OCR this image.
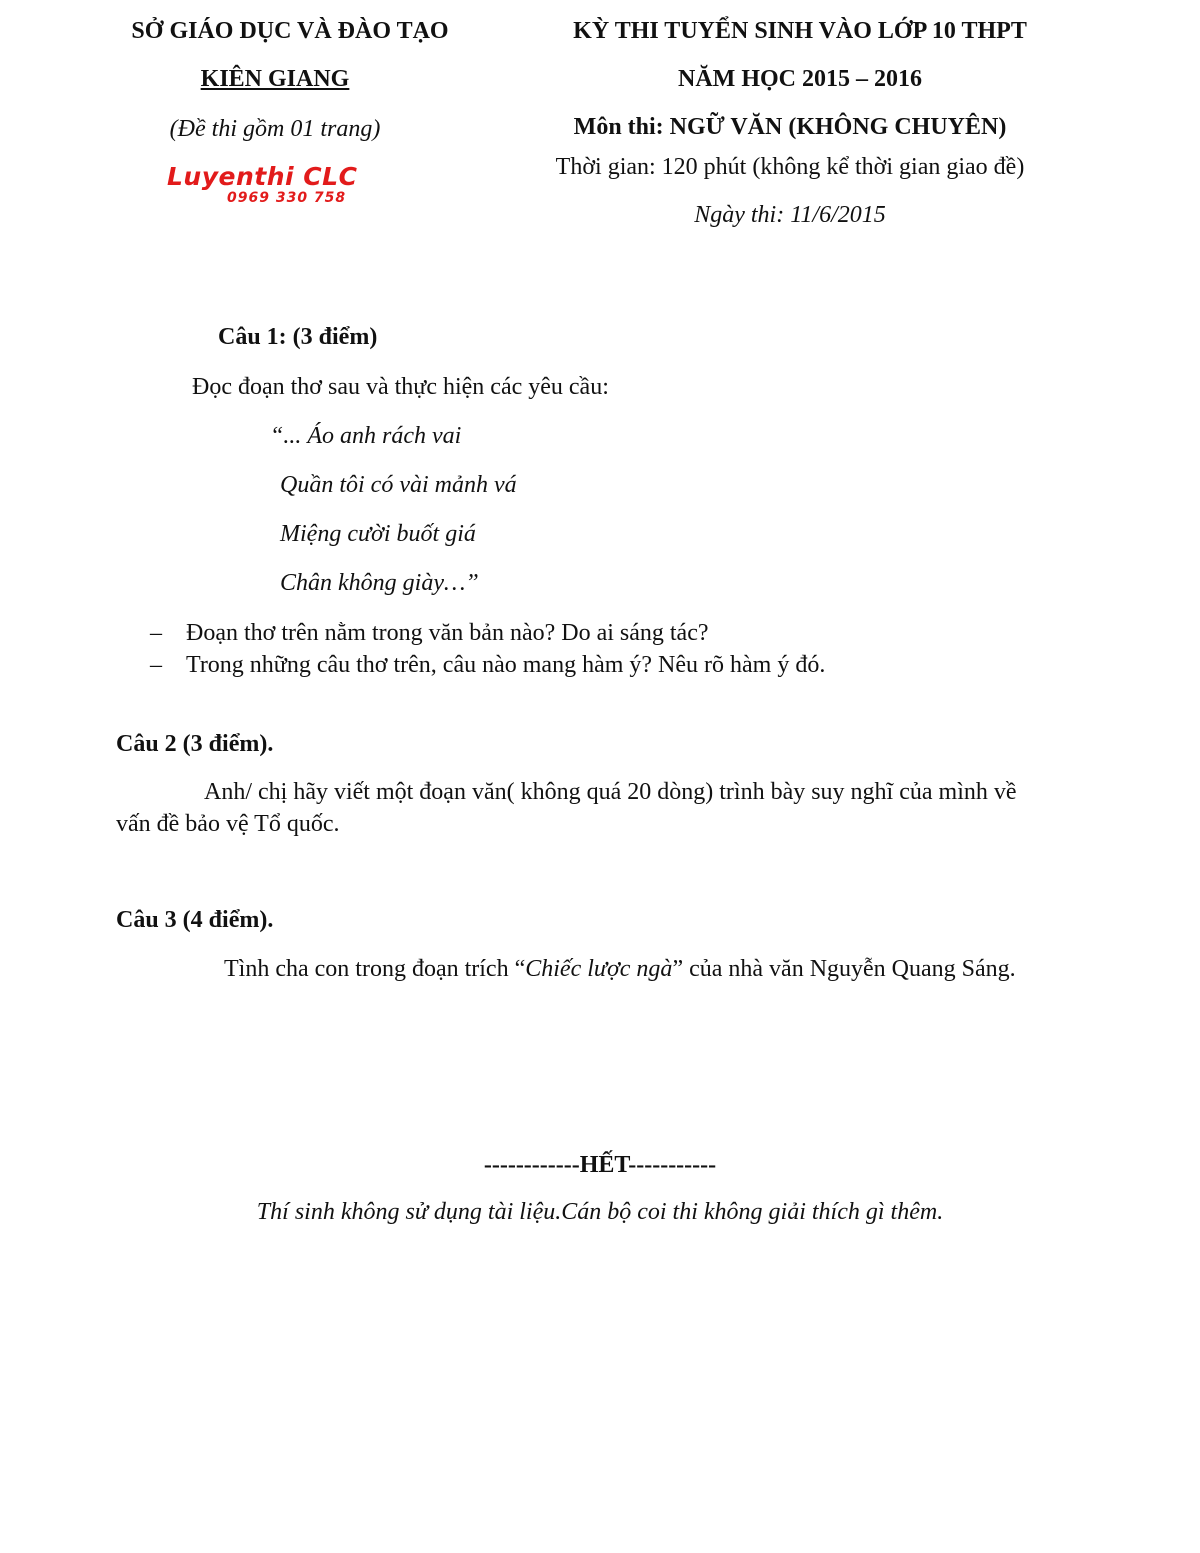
SỞ GIÁO DỤC VÀ ĐÀO TẠO
KIÊN GIANG
(Đề thi gồm 01 trang)
Luyenthi CLC
0969 330 758
KỲ THI TUYỂN SINH VÀO LỚP 10 THPT
NĂM HỌC 2015 – 2016
Môn thi: NGỮ VĂN (KHÔNG CHUYÊN)
Thời gian: 120 phút (không kể thời gian giao đề)
Ngày thi: 11/6/2015
Câu 1: (3 điểm)
Đọc đoạn thơ sau và thực hiện các yêu cầu:
“... Áo anh rách vai
Quần tôi có vài mảnh vá
Miệng cười buốt giá
Chân không giày…”
– Đoạn thơ trên nằm trong văn bản nào? Do ai sáng tác?
– Trong những câu thơ trên, câu nào mang hàm ý? Nêu rõ hàm ý đó.
Câu 2 (3 điểm).
Anh/ chị hãy viết một đoạn văn( không quá 20 dòng) trình bày suy nghĩ của mình về
vấn đề bảo vệ Tổ quốc.
Câu 3 (4 điểm).
Tình cha con trong đoạn trích “Chiếc lược ngà” của nhà văn Nguyễn Quang Sáng.
------------HẾT-----------
Thí sinh không sử dụng tài liệu.Cán bộ coi thi không giải thích gì thêm.
